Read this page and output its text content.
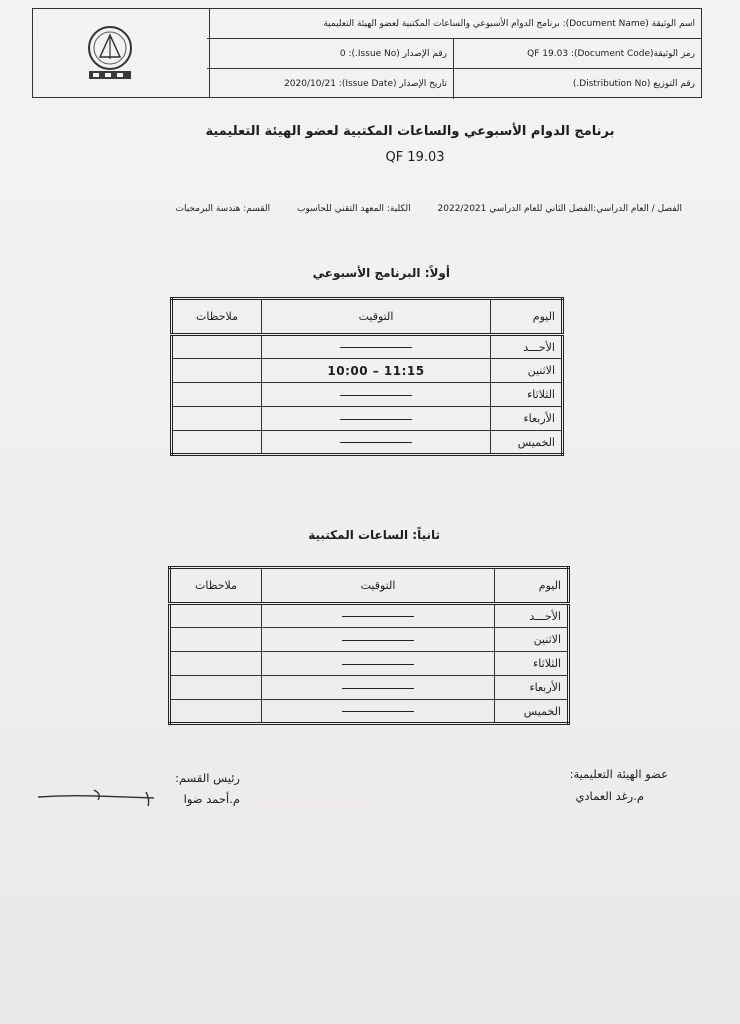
اسم الوثيقة (Document Name): برنامج الدوام الأسبوعي والساعات المكتبية لعضو الهيئة التعليمية
رمز الوثيقة(Document Code): QF 19.03
رقم الإصدار (Issue No.): 0
رقم التوزيع (Distribution No.)
تاريخ الإصدار (Issue Date): 2020/10/21
برنامج الدوام الأسبوعي والساعات المكتبية لعضو الهيئة التعليمية
QF 19.03
الفصل / العام الدراسي:الفصل الثاني للعام الدراسي 2022/2021 الكلية: المعهد التقني للحاسوب القسم: هندسة البرمجيات
أولاً: البرنامج الأسبوعي
اليوم	التوقيت	ملاحظات
الأحـــد		
الاثنين	10:00 – 11:15	
الثلاثاء		
الأربعاء		
الخميس		
ثانياً: الساعات المكتبية
اليوم	التوقيت	ملاحظات
الأحـــد		
الاثنين		
الثلاثاء		
الأربعاء		
الخميس		
عضو الهيئة التعليمية:
م.رغد العمادي
رئيس القسم:
م.أحمد ضوا
